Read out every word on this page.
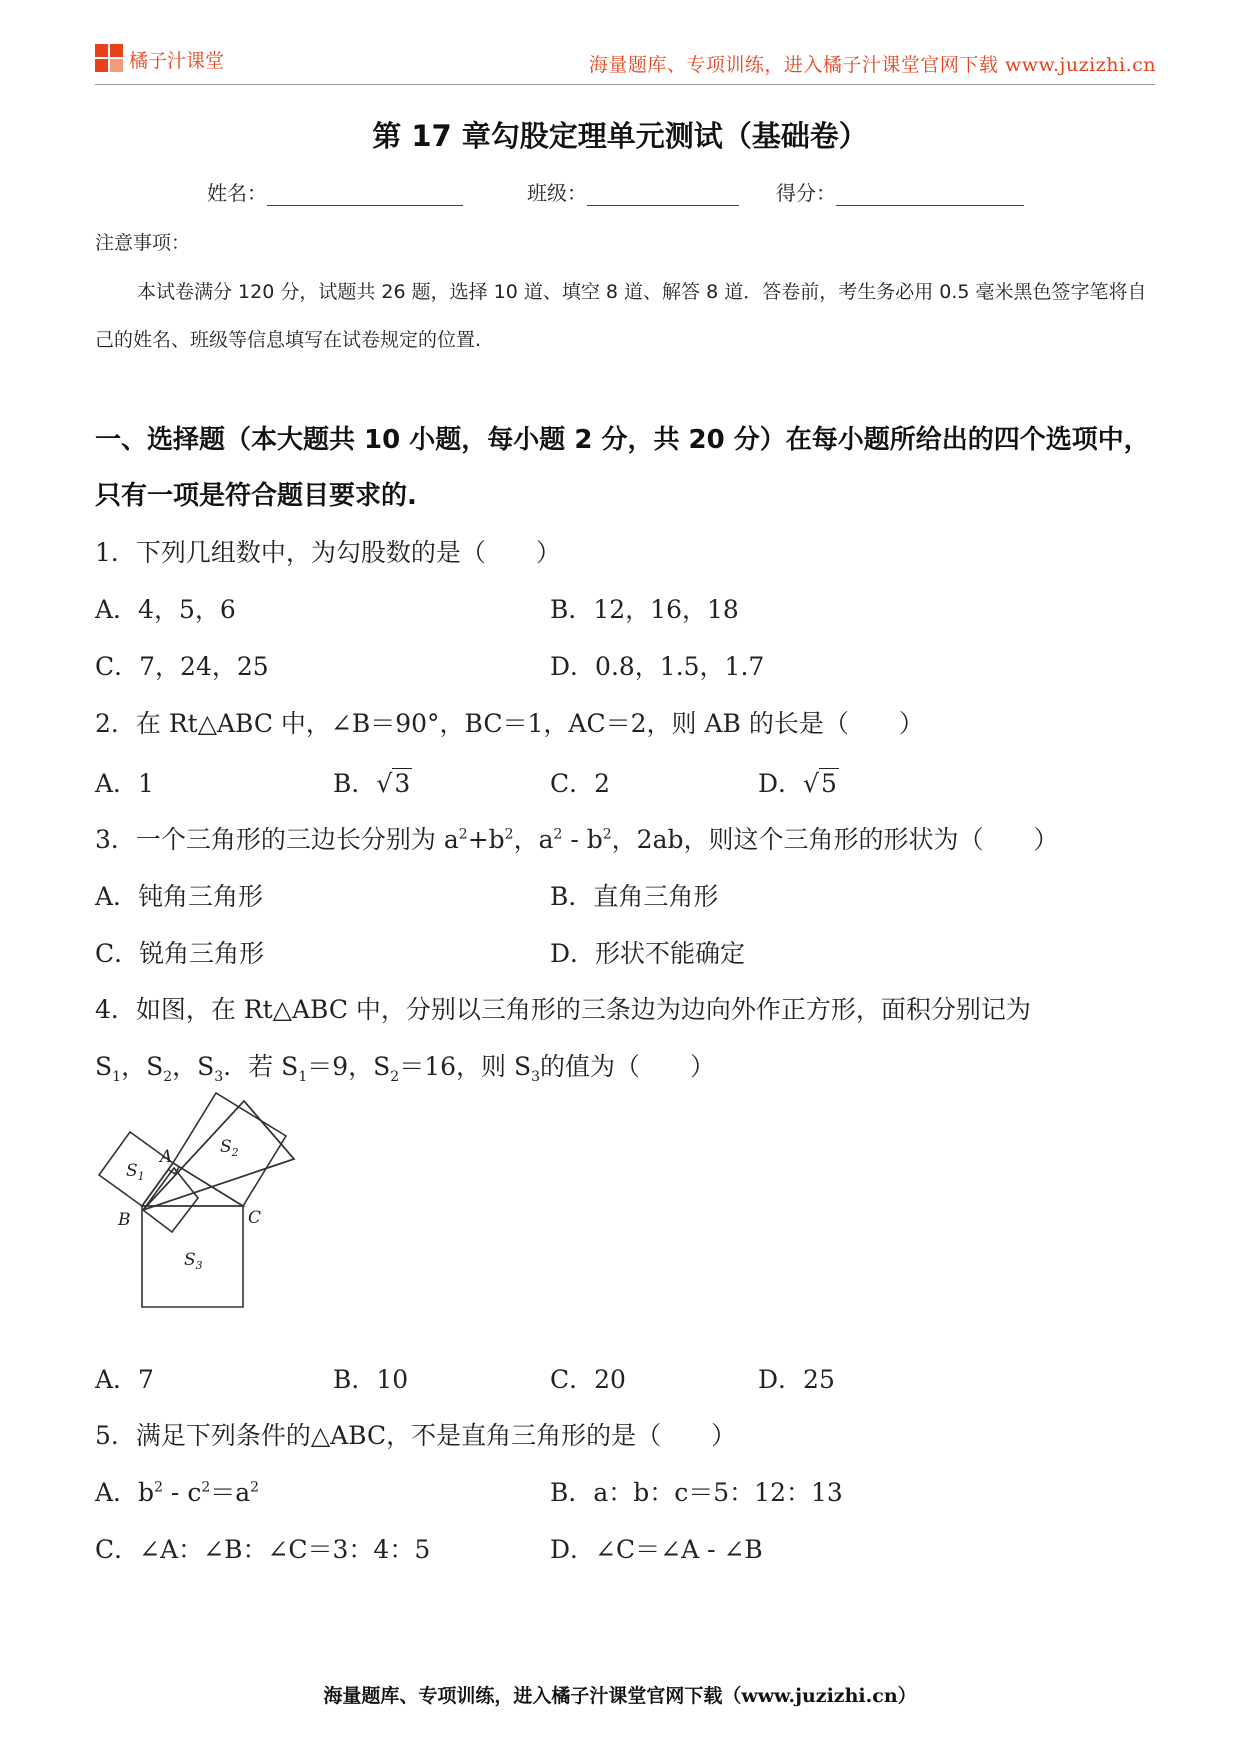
橘子汁课堂	海量题库、专项训练，进入橘子汁课堂官网下载 www.juzizhi.cn
第 17 章勾股定理单元测试（基础卷）
姓名：	班级：	得分：
注意事项：
本试卷满分 120 分，试题共 26 题，选择 10 道、填空 8 道、解答 8 道．答卷前，考生务必用 0.5 毫米黑色签字笔将自己的姓名、班级等信息填写在试卷规定的位置.
一、选择题（本大题共 10 小题，每小题 2 分，共 20 分）在每小题所给出的四个选项中，只有一项是符合题目要求的.
1．下列几组数中，为勾股数的是（　　）
A．4，5，6	B．12，16，18
C．7，24，25	D．0.8，1.5，1.7
2．在 Rt△ABC 中，∠B＝90°，BC＝1，AC＝2，则 AB 的长是（　　）
A．1	B．√3	C．2	D．√5
3．一个三角形的三边长分别为 $a^2+b^2$，$a^2 - b^2$，2ab，则这个三角形的形状为（　　）
A．钝角三角形	B．直角三角形
C．锐角三角形	D．形状不能确定
4．如图，在 Rt△ABC 中，分别以三角形的三条边为边向外作正方形，面积分别记为
$S_1$，$S_2$，$S_3$．若 $S_1=9$，$S_2=16$，则 $S_3$的值为（　　）
A
B	C
$S_1$
$S_2$
$S_3$
A．7	B．10	C．20	D．25
5．满足下列条件的△ABC，不是直角三角形的是（　　）
A．$b^2 - c^2=a^2$	B．a：b：c＝5：12：13
C．∠A：∠B：∠C＝3：4：5	D．∠C＝∠A - ∠B
海量题库、专项训练，进入橘子汁课堂官网下载（www.juzizhi.cn）
